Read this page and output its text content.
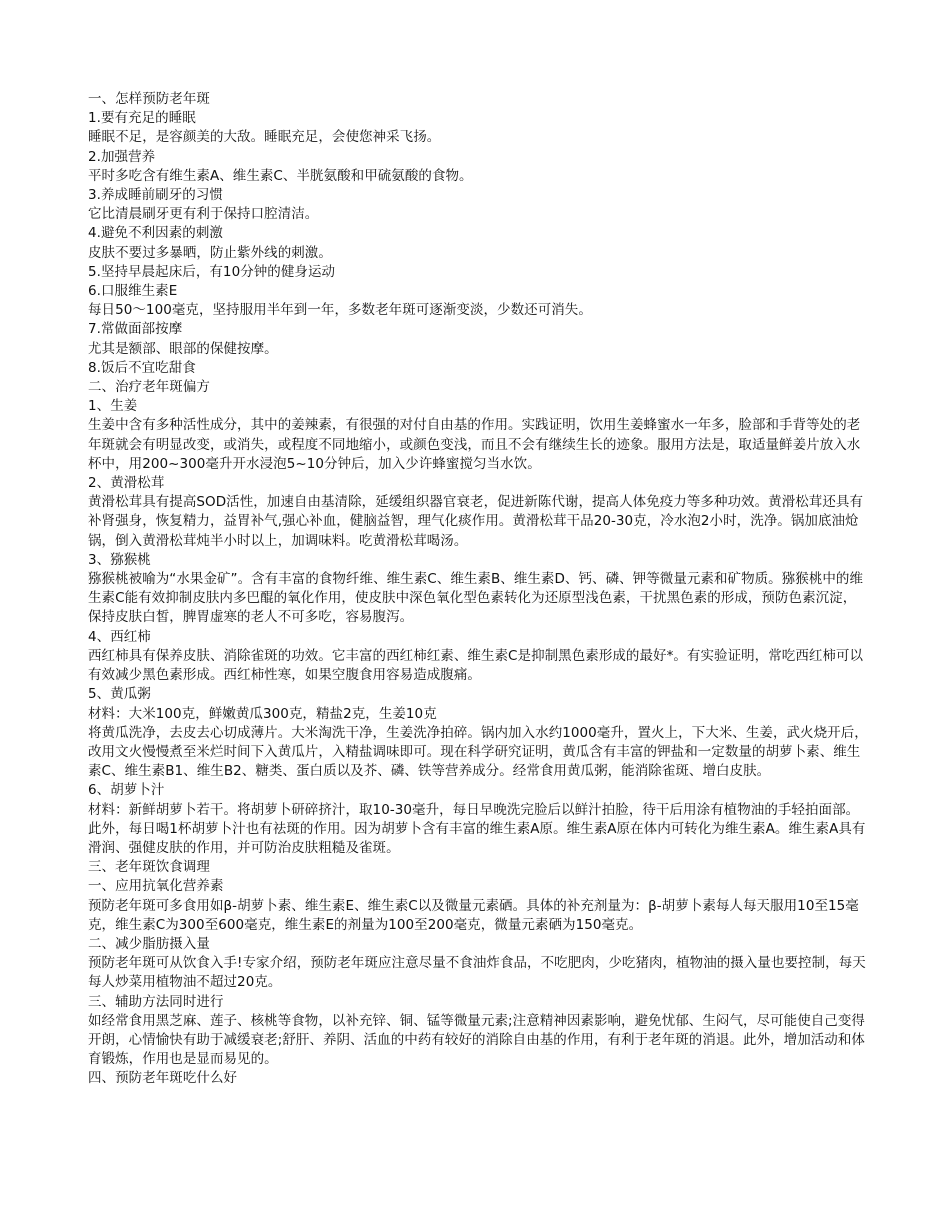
一、怎样预防老年斑
1.要有充足的睡眠
睡眠不足，是容颜美的大敌。睡眠充足，会使您神采飞扬。
2.加强营养
平时多吃含有维生素A、维生素C、半胱氨酸和甲硫氨酸的食物。
3.养成睡前刷牙的习惯
它比清晨刷牙更有利于保持口腔清洁。
4.避免不利因素的刺激
皮肤不要过多暴晒，防止紫外线的刺激。
5.坚持早晨起床后，有10分钟的健身运动
6.口服维生素E
每日50～100毫克，坚持服用半年到一年，多数老年斑可逐渐变淡，少数还可消失。
7.常做面部按摩
尤其是额部、眼部的保健按摩。
8.饭后不宜吃甜食
二、治疗老年斑偏方
1、生姜
生姜中含有多种活性成分，其中的姜辣素，有很强的对付自由基的作用。实践证明，饮用生姜蜂蜜水一年多，脸部和手背等处的老年斑就会有明显改变，或消失，或程度不同地缩小，或颜色变浅，而且不会有继续生长的迹象。服用方法是，取适量鲜姜片放入水杯中，用200~300毫升开水浸泡5~10分钟后，加入少许蜂蜜搅匀当水饮。
2、黄滑松茸
黄滑松茸具有提高SOD活性，加速自由基清除，延缓组织器官衰老，促进新陈代谢，提高人体免疫力等多种功效。黄滑松茸还具有补肾强身，恢复精力，益胃补气,强心补血，健脑益智，理气化痰作用。黄滑松茸干品20-30克，冷水泡2小时，洗净。锅加底油炝锅，倒入黄滑松茸炖半小时以上，加调味料。吃黄滑松茸喝汤。
3、猕猴桃
猕猴桃被喻为“水果金矿”。含有丰富的食物纤维、维生素C、维生素B、维生素D、钙、磷、钾等微量元素和矿物质。猕猴桃中的维生素C能有效抑制皮肤内多巴醌的氧化作用，使皮肤中深色氧化型色素转化为还原型浅色素，干扰黑色素的形成，预防色素沉淀，保持皮肤白皙，脾胃虚寒的老人不可多吃，容易腹泻。
4、西红柿
西红柿具有保养皮肤、消除雀斑的功效。它丰富的西红柿红素、维生素C是抑制黑色素形成的最好*。有实验证明，常吃西红柿可以有效减少黑色素形成。西红柿性寒，如果空腹食用容易造成腹痛。
5、黄瓜粥
材料：大米100克，鲜嫩黄瓜300克，精盐2克，生姜10克
将黄瓜洗净，去皮去心切成薄片。大米淘洗干净，生姜洗净拍碎。锅内加入水约1000毫升，置火上，下大米、生姜，武火烧开后，改用文火慢慢煮至米烂时间下入黄瓜片，入精盐调味即可。现在科学研究证明，黄瓜含有丰富的钾盐和一定数量的胡萝卜素、维生素C、维生素B1、维生B2、糖类、蛋白质以及芥、磷、铁等营养成分。经常食用黄瓜粥，能消除雀斑、增白皮肤。
6、胡萝卜汁
材料：新鲜胡萝卜若干。将胡萝卜研碎挤汁，取10-30毫升，每日早晚洗完脸后以鲜汁拍脸，待干后用涂有植物油的手轻拍面部。此外，每日喝1杯胡萝卜汁也有祛斑的作用。因为胡萝卜含有丰富的维生素A原。维生素A原在体内可转化为维生素A。维生素A具有滑润、强健皮肤的作用，并可防治皮肤粗糙及雀斑。
三、老年斑饮食调理
一、应用抗氧化营养素
预防老年斑可多食用如β-胡萝卜素、维生素E、维生素C以及微量元素硒。具体的补充剂量为：β-胡萝卜素每人每天服用10至15毫克，维生素C为300至600毫克，维生素E的剂量为100至200毫克，微量元素硒为150毫克。
二、减少脂肪摄入量
预防老年斑可从饮食入手!专家介绍，预防老年斑应注意尽量不食油炸食品，不吃肥肉，少吃猪肉，植物油的摄入量也要控制，每天每人炒菜用植物油不超过20克。
三、辅助方法同时进行
如经常食用黑芝麻、莲子、核桃等食物，以补充锌、铜、锰等微量元素;注意精神因素影响，避免忧郁、生闷气，尽可能使自己变得开朗，心情愉快有助于减缓衰老;舒肝、养阴、活血的中药有较好的消除自由基的作用，有利于老年斑的消退。此外，增加活动和体育锻炼，作用也是显而易见的。
四、预防老年斑吃什么好
